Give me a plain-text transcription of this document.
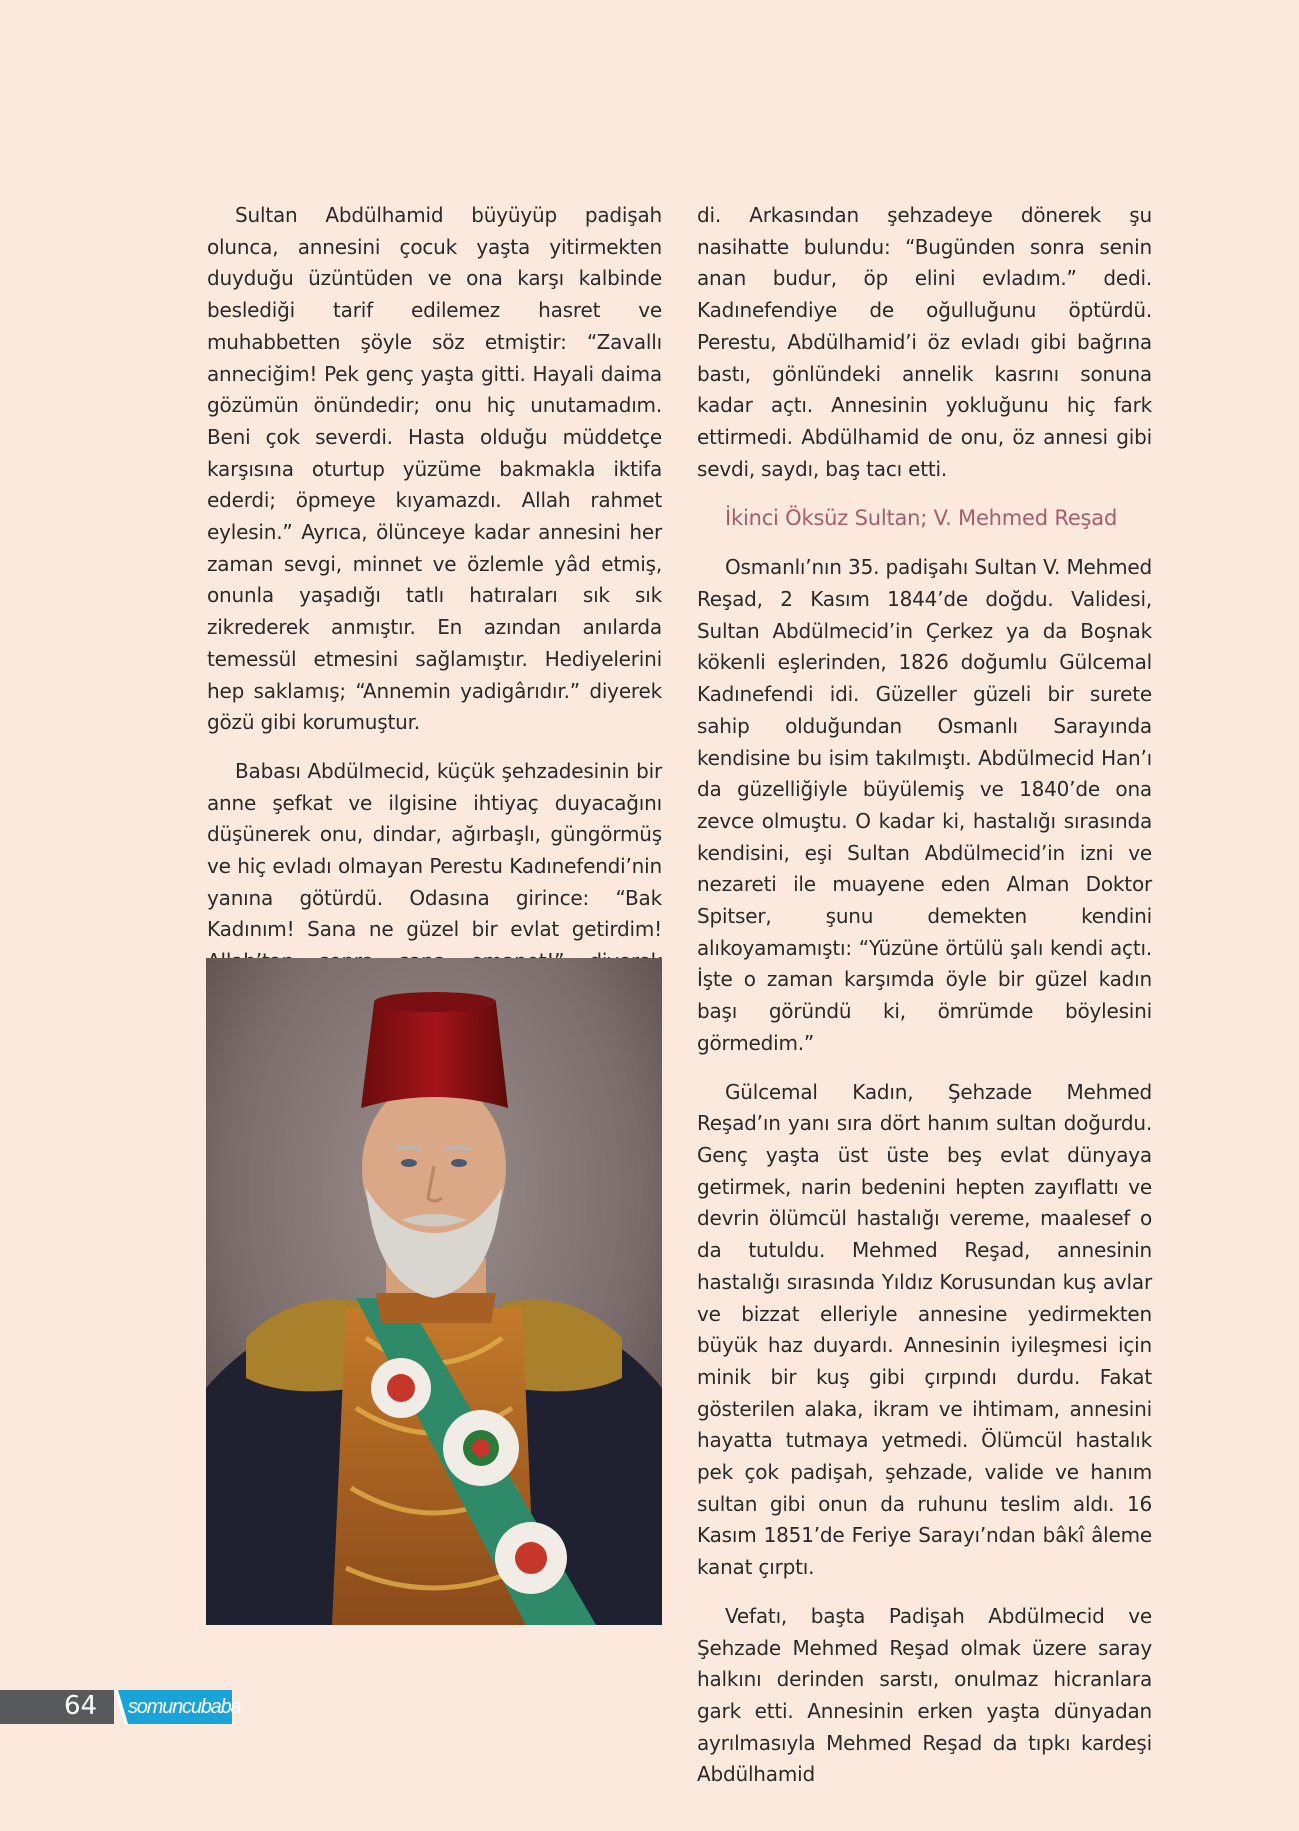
Sultan Abdülhamid büyüyüp padişah olunca, annesini çocuk yaşta yitirmekten duyduğu üzüntüden ve ona karşı kalbinde beslediği tarif edilemez hasret ve muhabbetten şöyle söz etmiştir: “Zavallı anneciğim! Pek genç yaşta gitti. Hayali daima gözümün önündedir; onu hiç unutamadım. Beni çok severdi. Hasta olduğu müddetçe karşısına oturtup yüzüme bakmakla iktifa ederdi; öpmeye kıyamazdı. Allah rahmet eylesin.” Ayrıca, ölünceye kadar annesini her zaman sevgi, minnet ve özlemle yâd etmiş, onunla yaşadığı tatlı hatıraları sık sık zikrederek anmıştır. En azından anılarda temessül etmesini sağlamıştır. Hediyelerini hep saklamış; “Annemin yadigârıdır.” diyerek gözü gibi korumuştur.

Babası Abdülmecid, küçük şehzadesinin bir anne şefkat ve ilgisine ihtiyaç duyacağını düşünerek onu, dindar, ağırbaşlı, güngörmüş ve hiç evladı olmayan Perestu Kadınefendi’nin yanına götürdü. Odasına girince: “Bak Kadınım! Sana ne güzel bir evlat getirdim!

di. Arkasından şehzadeye dönerek şu nasihatte bulundu: “Bugünden sonra senin anan budur, öp elini evladım.” dedi. Kadınefendiye de oğulluğunu öptürdü. Perestu, Abdülhamid’i öz evladı gibi bağrına bastı, gönlündeki annelik kasrını sonuna kadar açtı. Annesinin yokluğunu hiç fark ettirmedi. Abdülhamid de onu, öz annesi gibi sevdi, saydı, baş tacı etti.

İkinci Öksüz Sultan; V. Mehmed Reşad

Osmanlı’nın 35. padişahı Sultan V. Mehmed Reşad, 2 Kasım 1844’de doğdu. Validesi, Sultan Abdülmecid’in Çerkez ya da Boşnak kökenli eşlerinden, 1826 doğumlu Gülcemal Kadınefendi idi. Güzeller güzeli bir surete sahip olduğundan Osmanlı Sarayında kendisine bu isim takılmıştı. Abdülmecid Han’ı da güzelliğiyle büyülemiş ve 1840’de ona zevce olmuştu. O kadar ki, hastalığı sırasında kendisini, eşi Sultan Abdülmecid’in izni ve nezareti ile muayene eden Alman Doktor Spitser, şunu demekten kendini alıkoyamamıştı: “Yüzüne örtülü şalı kendi açtı. İşte o zaman karşımda öyle bir güzel kadın başı göründü ki, ömrümde böylesini görmedim.”

Gülcemal Kadın, Şehzade Mehmed Reşad’ın yanı sıra dört hanım sultan doğurdu. Genç yaşta üst üste beş evlat dünyaya getirmek, narin bedenini hepten zayıflattı ve devrin ölümcül hastalığı vereme, maalesef o da tutuldu. Mehmed Reşad, annesinin hastalığı sırasında Yıldız Korusundan kuş avlar ve bizzat elleriyle annesine yedirmekten büyük haz duyardı. Annesinin iyileşmesi için minik bir kuş gibi çırpındı durdu. Fakat gösterilen alaka, ikram ve ihtimam, annesini hayatta tutmaya yetmedi. Ölümcül hastalık pek çok padişah, şehzade, valide ve hanım sultan gibi onun da ruhunu teslim aldı. 16 Kasım 1851’de Feriye Sarayı’ndan bâkî âleme kanat çırptı.

Vefatı, başta Padişah Abdülmecid ve Şehzade Mehmed Reşad olmak üzere saray halkını derinden sarstı, onulmaz hicranlara gark etti. Annesinin erken yaşta dünyadan ayrılmasıyla Mehmed Reşad da tıpkı kardeşi Abdülhamid

64 somuncubaba
